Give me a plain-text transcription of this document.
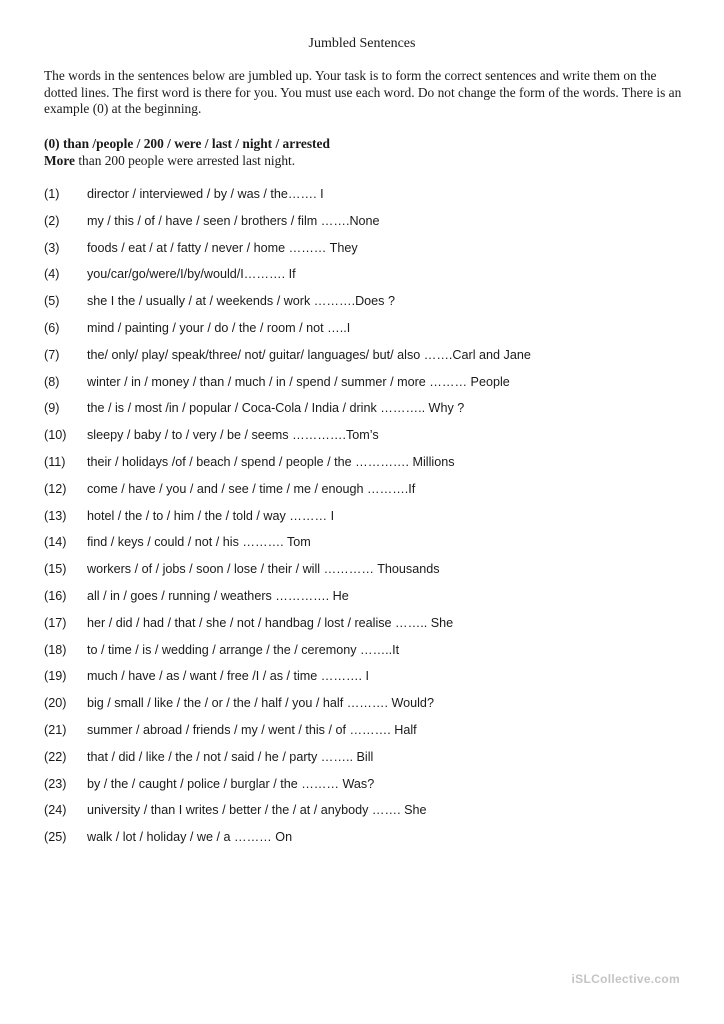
Jumbled Sentences

The words in the sentences below are jumbled up. Your task is to form the correct sentences and write them on the dotted lines. The first word is there for you. You must use each word. Do not change the form of the words. There is an example (0) at the beginning.

(0) than /people / 200 / were / last / night / arrested
More than 200 people were arrested last night.
(1) director / interviewed / by / was / the……. I
(2) my / this / of / have / seen / brothers / film …….None
(3) foods / eat / at / fatty / never / home ……… They
(4) you/car/go/were/I/by/would/I………. If
(5) she I the / usually / at / weekends / work ……….Does ?
(6) mind / painting / your / do / the / room / not …..I
(7) the/ only/ play/ speak/three/ not/ guitar/ languages/ but/ also …….Carl and Jane
(8) winter / in / money / than / much / in / spend / summer / more ……… People
(9) the / is / most /in / popular / Coca-Cola / India / drink ……….. Why ?
(10) sleepy / baby / to / very / be / seems ………….Tom’s
(11) their / holidays /of / beach / spend / people / the …………. Millions
(12) come / have / you / and / see / time / me / enough ……….If
(13) hotel / the / to / him / the / told / way ……… I
(14) find / keys / could / not / his ………. Tom
(15) workers / of / jobs / soon / lose / their / will ………… Thousands
(16) all / in / goes / running / weathers …………. He
(17) her / did / had / that / she / not / handbag / lost / realise …….. She
(18) to / time / is / wedding / arrange / the / ceremony ……..It
(19) much / have / as / want / free /I / as / time ………. I
(20) big / small / like / the / or / the / half / you / half ………. Would?
(21) summer / abroad / friends / my / went / this / of ………. Half
(22) that / did / like / the / not / said / he / party …….. Bill
(23) by / the / caught / police / burglar / the ……… Was?
(24) university / than I writes / better / the / at / anybody ……. She
(25) walk / lot / holiday / we / a ……… On
iSLCollective.com
